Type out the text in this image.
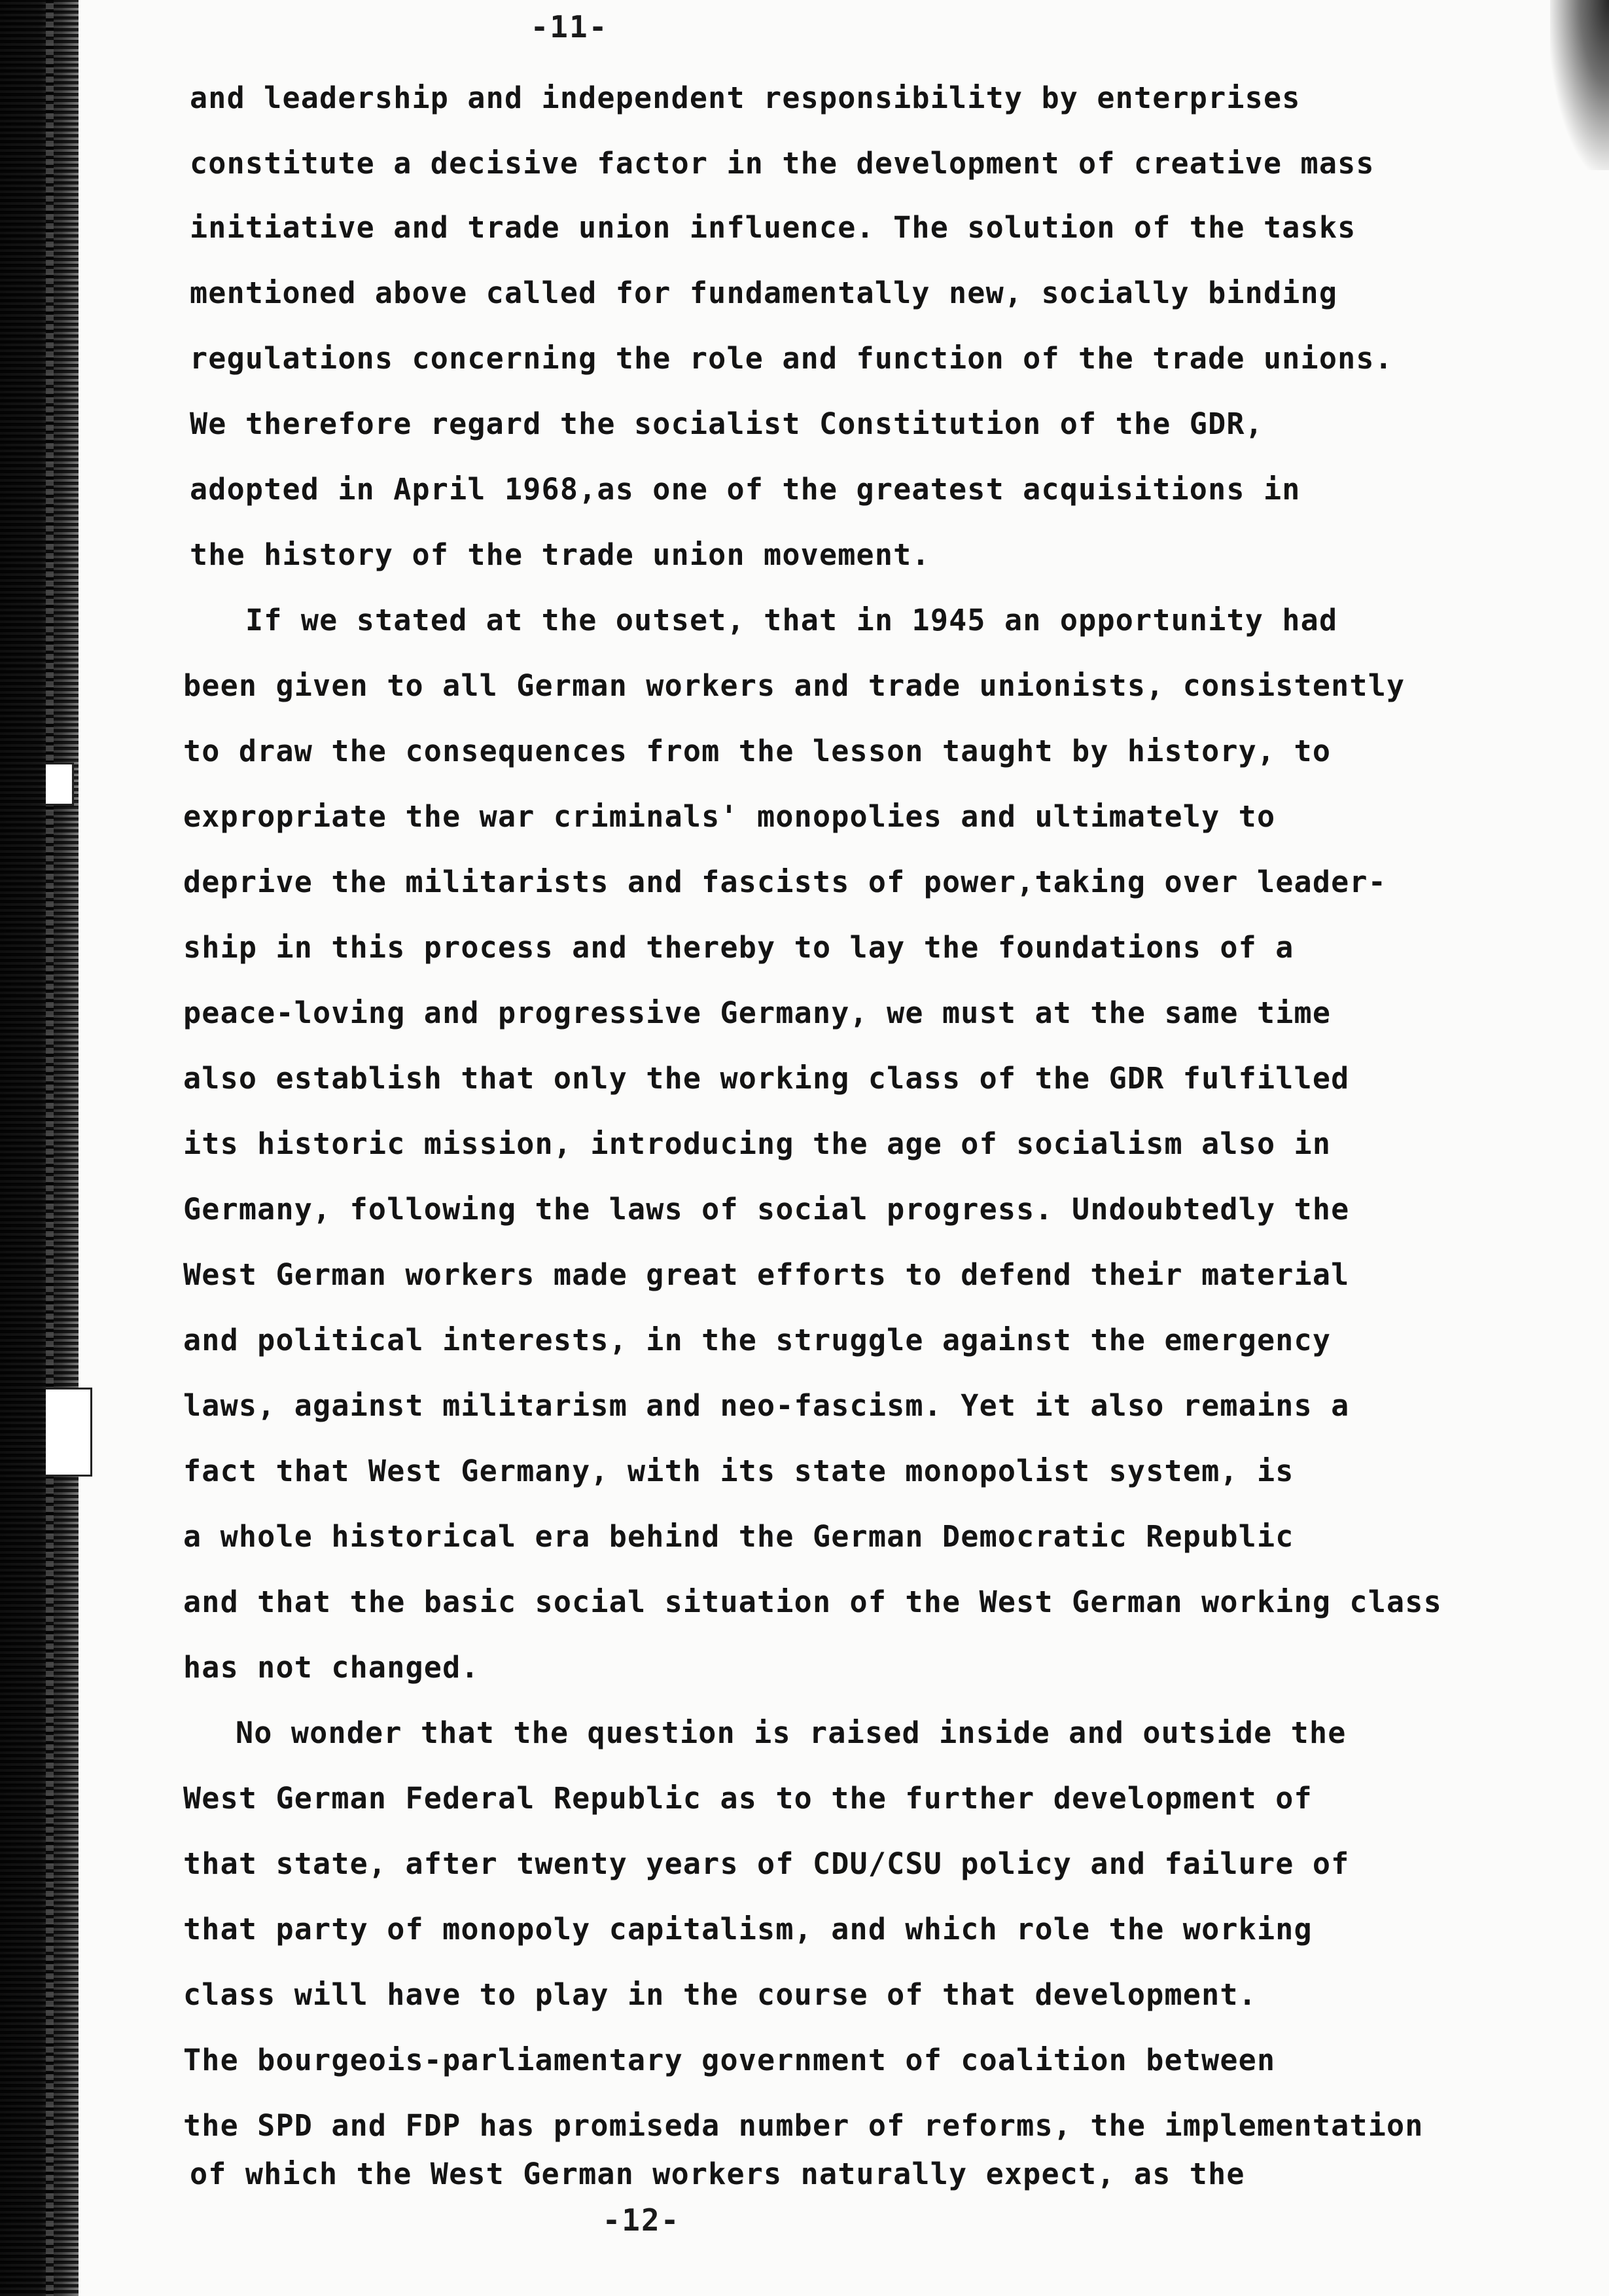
-11-
and leadership and independent responsibility by enterprises
constitute a decisive factor in the development of creative mass
initiative and trade union influence. The solution of the tasks
mentioned above called for fundamentally new, socially binding
regulations concerning the role and function of the trade unions.
We therefore regard the socialist Constitution of the GDR,
adopted in April 1968,as one of the greatest acquisitions in
the history of the trade union movement.
If we stated at the outset, that in 1945 an opportunity had
been given to all German workers and trade unionists, consistently
to draw the consequences from the lesson taught by history, to
expropriate the war criminals' monopolies and ultimately to
deprive the militarists and fascists of power,taking over leader-
ship in this process and thereby to lay the foundations of a
peace-loving and progressive Germany, we must at the same time
also establish that only the working class of the GDR fulfilled
its historic mission, introducing the age of socialism also in
Germany, following the laws of social progress. Undoubtedly the
West German workers made great efforts to defend their material
and political interests, in the struggle against the emergency
laws, against militarism and neo-fascism. Yet it also remains a
fact that West Germany, with its state monopolist system, is
a whole historical era behind the German Democratic Republic
and that the basic social situation of the West German working class
has not changed.
No wonder that the question is raised inside and outside the
West German Federal Republic as to the further development of
that state, after twenty years of CDU/CSU policy and failure of
that party of monopoly capitalism, and which role the working
class will have to play in the course of that development.
The bourgeois-parliamentary government of coalition between
the SPD and FDP has promiseda number of reforms, the implementation
of which the West German workers naturally expect, as the
-12-
